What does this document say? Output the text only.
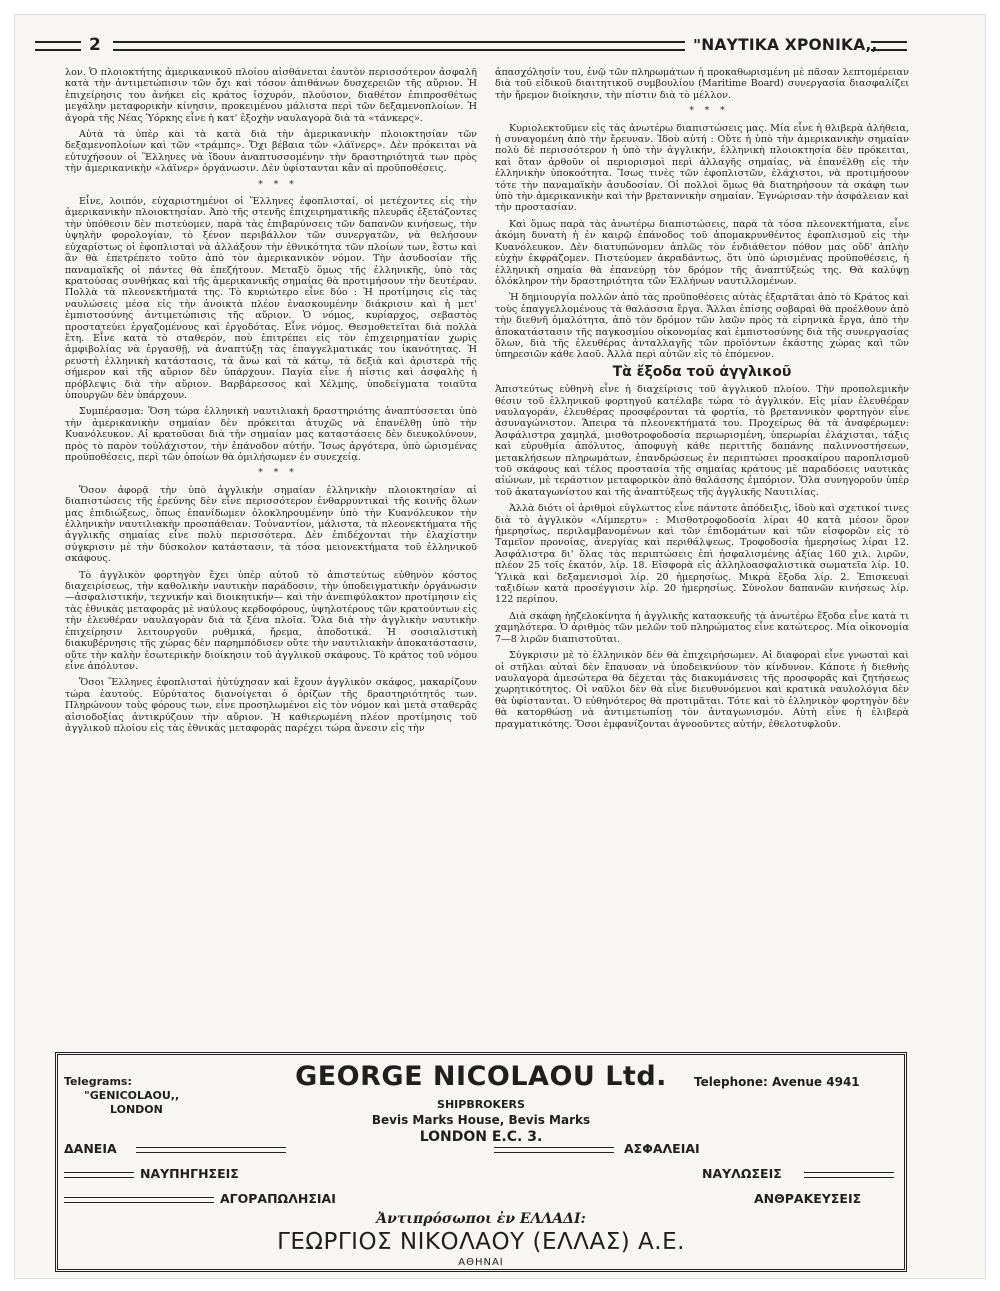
2	"ΝΑΥΤΙΚΑ ΧΡΟΝΙΚΑ,,

λον. Ὁ πλοιοκτήτης ἀμερικανικοῦ πλοίου αἰσθάνεται ἑαυτὸν περισσότερον ἀσφαλῆ κατὰ τὴν ἀντιμετώπισιν τῶν ὄχι καὶ τόσον ἀπιθάνων δυσχερειῶν τῆς αὔριον. Ἡ ἐπιχείρησις του ἀνήκει εἰς κράτος ἰσχυρόν, πλούσιον, διαθέτον ἐπιπροσθέτως μεγάλην μεταφορικὴν κίνησιν, προκειμένου μάλιστα περὶ τῶν δεξαμενοπλοίων. Ἡ ἀγορὰ τῆς Νέας Ὑόρκης εἶνε ἡ κατ' ἐξοχὴν ναυλαγορὰ διὰ τὰ «τάνκερς».

Αὐτὰ τὰ ὑπὲρ καὶ τὰ κατὰ διὰ τὴν ἀμερικανικὴν πλοιοκτησίαν τῶν δεξαμενοπλοίων καὶ τῶν «τράμπς». Ὄχι βέβαια τῶν «λάϊνερς». Δὲν πρόκειται νὰ εὐτυχήσουν οἱ Ἕλληνες νὰ ἴδουν ἀναπτυσσομένην τὴν δραστηριότητά των πρὸς τὴν ἀμερικανικὴν «λάϊνερ» ὀργάνωσιν. Δὲν ὑφίστανται κἂν αἱ προϋποθέσεις.

* * *

Εἶνε, λοιπόν, εὐχαριστημένοι οἱ Ἕλληνες ἐφοπλισταί, οἱ μετέχοντες εἰς τὴν ἀμερικανικὴν πλοιοκτησίαν. Ἀπὸ τῆς στενῆς ἐπιχειρηματικῆς πλευρᾶς ἐξετάζοντες τὴν ὑπόθεσιν δὲν πιστεύομεν, παρὰ τὰς ἐπιβαρύνσεις τῶν δαπανῶν κινήσεως, τὴν ὑψηλὴν φορολογίαν, τὸ ξένον περιβάλλον τῶν συνεργατῶν, νὰ θελήσουν εὐχαρίστως οἱ ἐφοπλισταὶ νὰ ἀλλάξουν τὴν ἐθνικότητα τῶν πλοίων των, ἔστω καὶ ἂν θὰ ἐπετρέπετο τοῦτο ἀπὸ τὸν ἀμερικανικὸν νόμον. Τὴν ἀσυδοσίαν τῆς παναμαϊκῆς οἱ πάντες θὰ ἐπεζήτουν. Μεταξὺ ὅμως τῆς ἑλληνικῆς, ὑπὸ τὰς κρατούσας συνθήκας καὶ τῆς ἀμερικανικῆς σημαίας θὰ προτιμήσουν τὴν δευτέραν. Πολλὰ τὰ πλεονεκτήματά της. Τὸ κυριώτερο εἶνε δύο : Ἡ προτίμησις εἰς τὰς ναυλώσεις μέσα εἰς τὴν ἀνοικτὰ πλέον ἐνασκουμένην διάκρισιν καὶ ἡ μετ' ἐμπιστοσύνης ἀντιμετώπισις τῆς αὔριον. Ὁ νόμος, κυρίαρχος, σεβαστὸς προστατεύει ἐργαζομένους καὶ ἐργοδότας. Εἶνε νόμος. Θεσμοθετεῖται διὰ πολλὰ ἔτη. Εἶνε κατὰ τὸ σταθερόν, ποὺ ἐπιτρέπει εἰς τὸν ἐπιχειρηματίαν χωρὶς ἀμφιβολίας νὰ ἐργασθῇ, νὰ ἀναπτύξῃ τὰς ἐπαγγελματικάς του ἱκανότητας. Ἡ ρευστὴ ἑλληνικὴ κατάστασις, τὰ ἄνω καὶ τὰ κάτω, τὰ δεξιὰ καὶ ἀριστερὰ τῆς σήμερον καὶ τῆς αὔριον δὲν ὑπάρχουν. Παγία εἶνε ἡ πίστις καὶ ἀσφαλὴς ἡ πρόβλεψις διὰ τὴν αὔριον. Βαρβάρεσσος καὶ Χέλμης, ὑποδείγματα τοιαῦτα ὑπουργῶν δὲν ὑπάρχουν.

Συμπέρασμα: Ὅση τώρα ἑλληνικὴ ναυτιλιακὴ δραστηριότης ἀναπτύσσεται ὑπὸ τὴν ἀμερικανικὴν σημαίαν δὲν πρόκειται ἀτυχῶς νὰ ἐπανέλθῃ ὑπὸ τὴν Κυανόλευκον. Αἱ κρατοῦσαι διὰ τὴν σημαίαν μας καταστάσεις δὲν διευκολύνουν, πρὸς τὸ παρὸν τοὐλάχιστον, τὴν ἐπάνοδον αὐτήν. Ἴσως ἀργότερα, ὑπὸ ὡρισμένας προϋποθέσεις, περὶ τῶν ὁποίων θὰ ὁμιλήσωμεν ἐν συνεχείᾳ.

* * *

Ὅσον ἀφορᾷ τὴν ὑπὸ ἀγγλικὴν σημαίαν ἑλληνικὴν πλοιοκτησίαν αἱ διαπιστώσεις τῆς ἐρεύνης δὲν εἶνε περισσότερον ἐνθαρρυντικαὶ τῆς κοινῆς ὅλων μας ἐπιδιώξεως, ὅπως ἐπανίδωμεν ὁλοκληρουμένην ὑπὸ τὴν Κυανόλευκον τὴν ἑλληνικὴν ναυτιλιακὴν προσπάθειαν. Τοὐναντίον, μάλιστα, τὰ πλεονεκτήματα τῆς ἀγγλικῆς σημαίας εἶνε πολὺ περισσότερα. Δὲν ἐπιδέχονται τὴν ἐλαχίστην σύγκρισιν μὲ τὴν δύσκολον κατάστασιν, τὰ τόσα μειονεκτήματα τοῦ ἑλληνικοῦ σκάφους.

Τὸ ἀγγλικὸν φορτηγὸν ἔχει ὑπὲρ αὐτοῦ τὸ ἀπιστεύτως εὐθηνὸν κόστος διαχειρίσεως, τὴν καθολικὴν ναυτικὴν παράδοσιν, τὴν ὑποδειγματικὴν ὀργάνωσιν —ἀσφαλιστικήν, τεχνικήν καὶ διοικητικήν— καὶ τὴν ἀνεπιφύλακτον προτίμησιν εἰς τὰς ἐθνικὰς μεταφορὰς μὲ ναύλους κερδοφόρους, ὑψηλοτέρους τῶν κρατούντων εἰς τὴν ἐλευθέραν ναυλαγορὰν διὰ τὰ ξένα πλοῖα. Ὅλα διὰ τὴν ἀγγλικὴν ναυτικὴν ἐπιχείρησιν λειτουργοῦν ρυθμικά, ἤρεμα, ἀποδοτικά. Ἡ σοσιαλιστικὴ διακυβέρνησις τῆς χώρας δὲν παρημπόδισεν οὔτε τὴν ναυτιλιακὴν ἀποκατάστασιν, οὔτε τὴν καλὴν ἐσωτερικὴν διοίκησιν τοῦ ἀγγλικοῦ σκάφους. Τὸ κράτος τοῦ νόμου εἶνε ἀπόλυτον.

Ὅσοι Ἕλληνες ἐφοπλισταὶ ἠὐτύχησαν καὶ ἔχουν ἀγγλικὸν σκάφος, μακαρίζουν τώρα ἑαυτούς. Εὐρύτατος διανοίγεται ὁ ὁρίζων τῆς δραστηριότητός των. Πληρώνουν τοὺς φόρους των, εἶνε προσηλωμένοι εἰς τὸν νόμον καὶ μετὰ σταθερᾶς αἰσιοδοξίας ἀντικρύζουν τὴν αὔριον. Ἡ καθιερωμένη πλέον προτίμησις τοῦ ἀγγλικοῦ πλοίου εἰς τὰς ἐθνικὰς μεταφορὰς παρέχει τώρα ἄνεσιν εἰς τὴν

ἀπασχόλησίν του, ἐνῷ τῶν πληρωμάτων ἡ προκαθωρισμένη μὲ πᾶσαν λεπτομέρειαν διὰ τοῦ εἰδικοῦ διαιτητικοῦ συμβουλίου (Maritime Board) συνεργασία διασφαλίζει τὴν ἤρεμον διοίκησιν, τὴν πίστιν διὰ τὸ μέλλον.

* * *

Κυριολεκτοῦμεν εἰς τὰς ἀνωτέρω διαπιστώσεις μας. Μία εἶνε ἡ θλιβερὰ ἀλήθεια, ἡ συναγομένη ἀπὸ τὴν ἔρευναν. Ἰδοὺ αὐτή : Οὔτε ἡ ὑπὸ τὴν ἀμερικανικὴν σημαίαν πολὺ δὲ περισσότερον ἡ ὑπὸ τὴν ἀγγλικήν, ἑλληνικὴ πλοιοκτησία δὲν πρόκειται, καὶ ὅταν ἀρθοῦν οἱ περιορισμοὶ περὶ ἀλλαγῆς σημαίας, νὰ ἐπανέλθῃ εἰς τὴν ἑλληνικὴν ὑποκοότητα. Ἴσως τινὲς τῶν ἐφοπλιστῶν, ἐλάχιστοι, νὰ προτιμήσουν τότε τὴν παναμαϊκὴν ἀσυδοσίαν. Οἱ πολλοὶ ὅμως θὰ διατηρήσουν τὰ σκάφη των ὑπὸ τὴν ἀμερικανικὴν καὶ τὴν βρεταννικὴν σημαίαν. Ἐγνώρισαν τὴν ἀσφάλειαν καὶ τὴν προστασίαν.

Καὶ ὅμως παρὰ τὰς ἀνωτέρω διαπιστώσεις, παρὰ τὰ τόσα πλεονεκτήματα, εἶνε ἀκόμη δυνατὴ ἡ ἐν καιρῷ ἐπάνοδος τοῦ ἀπομακρυνθέντος ἐφοπλισμοῦ εἰς τὴν Κυανόλευκον. Δὲν διατυπώνομεν ἁπλῶς τὸν ἐνδιάθετον πόθον μας οὔδ' ἁπλὴν εὐχὴν ἐκφράζομεν. Πιστεύομεν ἀκραδάντως, ὅτι ὑπὸ ὡρισμένας προϋποθέσεις, ἡ ἑλληνικὴ σημαία θὰ ἐπανεύρῃ τὸν δρόμον τῆς ἀναπτύξεώς της. Θὰ καλύψῃ ὁλόκληρον τὴν δραστηριότητα τῶν Ἑλλήνων ναυτιλλομένων.

Ἡ δημιουργία πολλῶν ἀπὸ τὰς προϋποθέσεις αὐτὰς ἐξαρτᾶται ἀπὸ τὸ Κράτος καὶ τοὺς ἐπαγγελλομένους τὰ θαλάσσια ἔργα. Ἄλλαι ἐπίσης σοβαραὶ θὰ προέλθουν ἀπὸ τὴν διεθνῆ ὁμαλότητα, ἀπὸ τὸν δρόμον τῶν λαῶν πρὸς τὰ εἰρηνικὰ ἔργα, ἀπὸ τὴν ἀποκατάστασιν τῆς παγκοσμίου οἰκονομίας καὶ ἐμπιστοσύνης διὰ τῆς συνεργασίας ὅλων, διὰ τῆς ἐλευθέρας ἀνταλλαγῆς τῶν προϊόντων ἑκάστης χώρας καὶ τῶν ὑπηρεσιῶν κάθε λαοῦ. Ἀλλὰ περὶ αὐτῶν εἰς τὸ ἑπόμενον.

Τὰ ἔξοδα τοῦ ἀγγλικοῦ

Ἀπιστεύτως εὐθηνὴ εἶνε ἡ διαχείρισις τοῦ ἀγγλικοῦ πλοίου. Τὴν προπολεμικὴν θέσιν τοῦ ἑλληνικοῦ φορτηγοῦ κατέλαβε τώρα τὸ ἀγγλικόν. Εἰς μίαν ἐλευθέραν ναυλαγοράν, ἐλευθέρας προσφέρονται τὰ φορτία, τὸ βρεταννικὸν φορτηγὸν εἶνε ἀσυναγώνιστον. Ἄπειρα τὰ πλεονεκτήματά του. Προχείρως θὰ τὰ ἀναφέρωμεν: Ἀσφάλιστρα χαμηλά, μισθοτροφοδοσία περιωρισμένη, ὑπερωρίαι ἐλάχισται, τάξις καὶ εὐρυθμία ἀπόλυτος, ἀποφυγὴ κάθε περιττῆς δαπάνης παλιννοστήσεων, μετακλήσεων πληρωμάτων, ἐπανδρώσεως ἐν περιπτώσει προσκαίρου παροπλισμοῦ τοῦ σκάφους καὶ τέλος προστασία τῆς σημαίας κράτους μὲ παραδόσεις ναυτικὰς αἰώνων, μὲ τεράστιον μεταφορικὸν ἀπὸ θαλάσσης ἐμπόριον. Ὅλα συνηγοροῦν ὑπὲρ τοῦ ἀκαταγωνίστου καὶ τῆς ἀναπτύξεως τῆς ἀγγλικῆς Ναυτιλίας.

Ἀλλὰ διότι οἱ ἀριθμοὶ εὐγλωττος εἶνε πάντοτε ἀπόδειξις, ἰδοὺ καὶ σχετικοί τινες διὰ τὸ ἀγγλικὸν «Λίμπερτυ» : Μισθοτροφοδοσία λίραι 40 κατὰ μέσον ὅρον ἡμερησίως, περιλαμβανομένων καὶ τῶν ἐπιδομάτων καὶ τῶν εἰσφορῶν εἰς τὸ Ταμεῖον προνοίας, ἀνεργίας καὶ περιθάλψεως. Τροφοδοσία ἡμερησίως λίραι 12. Ἀσφάλιστρα δι' ὅλας τὰς περιπτώσεις ἐπὶ ἠσφαλισμένης ἀξίας 160 χιλ. λιρῶν, πλέον 25 τοῖς ἑκατόν, λίρ. 18. Εἰσφορὰ εἰς ἀλληλοασφαλιστικὰ σωματεῖα λίρ. 10. Ὑλικὰ καὶ δεξαμενισμοὶ λίρ. 20 ἡμερησίως. Μικρὰ ἔξοδα λίρ. 2. Ἐπισκευαὶ ταξιδίων κατὰ προσέγγισιν λίρ. 20 ἡμερησίως. Σύνολον δαπανῶν κινήσεως λίρ. 122 περίπου.

Διὰ σκάφη ἠηζελοκίνητα ἡ ἀγγλικῆς κατασκευῆς τὰ ἀνωτέρω ἔξοδα εἶνε κατὰ τι χαμηλότερα. Ὁ ἀριθμὸς τῶν μελῶν τοῦ πληρώματος εἶνε κατώτερος. Μία οἰκονομία 7—8 λιρῶν διαπιστοῦται.

Σύγκρισιν μὲ τὸ ἑλληνικὸν δὲν θὰ ἐπιχειρήσωμεν. Αἱ διαφοραὶ εἶνε γνωσταὶ καὶ οἱ στῆλαι αὐταὶ δὲν ἔπαυσαν νὰ ὑποδεικνύουν τὸν κίνδυνον. Κάποτε ἡ διεθνὴς ναυλαγορὰ ἀμεσώτερα θὰ δέχεται τὰς διακυμάνσεις τῆς προσφορᾶς καὶ ζητήσεως χωρητικότητος. Οἱ ναῦλοι δὲν θὰ εἶνε διευθυνόμενοι καὶ κρατικὰ ναυλολόγια δὲν θὰ ὑφίστανται. Ὁ εὐθηνότερος θὰ προτιμᾶται. Τότε καὶ τὸ ἑλληνικὸν φορτηγὸν δὲν θὰ κατορθώσῃ νὰ ἀντιμετωπίσῃ τὸν ἀνταγωνισμόν. Αὐτὴ εἶνε ἡ ἐλιβερὰ πραγματικότης. Ὅσοι ἐμφανίζονται ἀγνοοῦντες αὐτήν, ἐθελοτυφλοῦν.

Telegrams:
"GENICOLAOU,,
LONDON
GEORGE NICOLAOU Ltd.	Telephone: Avenue 4941
SHIPBROKERS
Bevis Marks House, Bevis Marks
LONDON E.C. 3.
ΔΑΝΕΙΑ	ΑΣΦΑΛΕΙΑΙ
ΝΑΥΠΗΓΗΣΕΙΣ	ΝΑΥΛΩΣΕΙΣ
ΑΓΟΡΑΠΩΛΗΣΙΑΙ	ΑΝΘΡΑΚΕΥΣΕΙΣ
Ἀντιπρόσωποι ἐν ΕΛΛΑΔΙ:
ΓΕΩΡΓΙΟΣ ΝΙΚΟΛΑΟΥ (ΕΛΛΑΣ) Α.Ε.
ΑΘΗΝΑΙ
